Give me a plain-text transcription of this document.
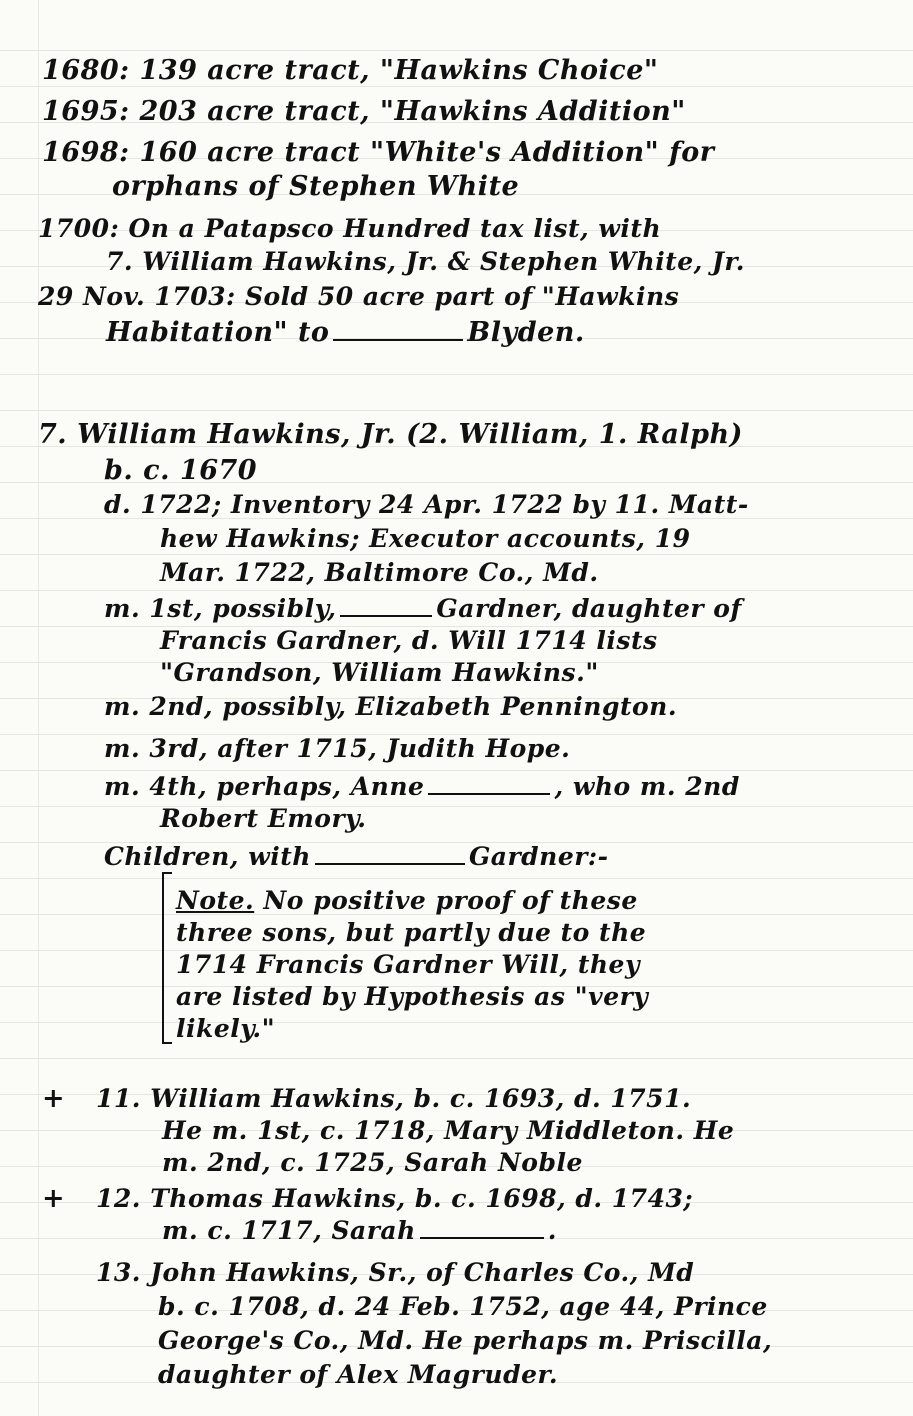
1680: 139 acre tract, "Hawkins Choice"
1695: 203 acre tract, "Hawkins Addition"
1698: 160 acre tract "White's Addition" for
orphans of Stephen White
1700: On a Patapsco Hundred tax list, with
7. William Hawkins, Jr. & Stephen White, Jr.
29 Nov. 1703: Sold 50 acre part of "Hawkins
Habitation" to	Blyden.
7. William Hawkins, Jr. (2. William, 1. Ralph)
b. c. 1670
d. 1722; Inventory 24 Apr. 1722 by 11. Matt-
hew Hawkins; Executor accounts, 19
Mar. 1722, Baltimore Co., Md.
m. 1st, possibly,	Gardner, daughter of
Francis Gardner, d. Will 1714 lists
"Grandson, William Hawkins."
m. 2nd, possibly, Elizabeth Pennington.
m. 3rd, after 1715, Judith Hope.
m. 4th, perhaps, Anne	, who m. 2nd
Robert Emory.
Children, with	Gardner:-
Note. No positive proof of these
three sons, but partly due to the
1714 Francis Gardner Will, they
are listed by Hypothesis as "very
likely."
+ 11. William Hawkins, b. c. 1693, d. 1751.
He m. 1st, c. 1718, Mary Middleton. He
m. 2nd, c. 1725, Sarah Noble
+ 12. Thomas Hawkins, b. c. 1698, d. 1743;
m. c. 1717, Sarah	.
13. John Hawkins, Sr., of Charles Co., Md
b. c. 1708, d. 24 Feb. 1752, age 44, Prince
George's Co., Md. He perhaps m. Priscilla,
daughter of Alex Magruder.
